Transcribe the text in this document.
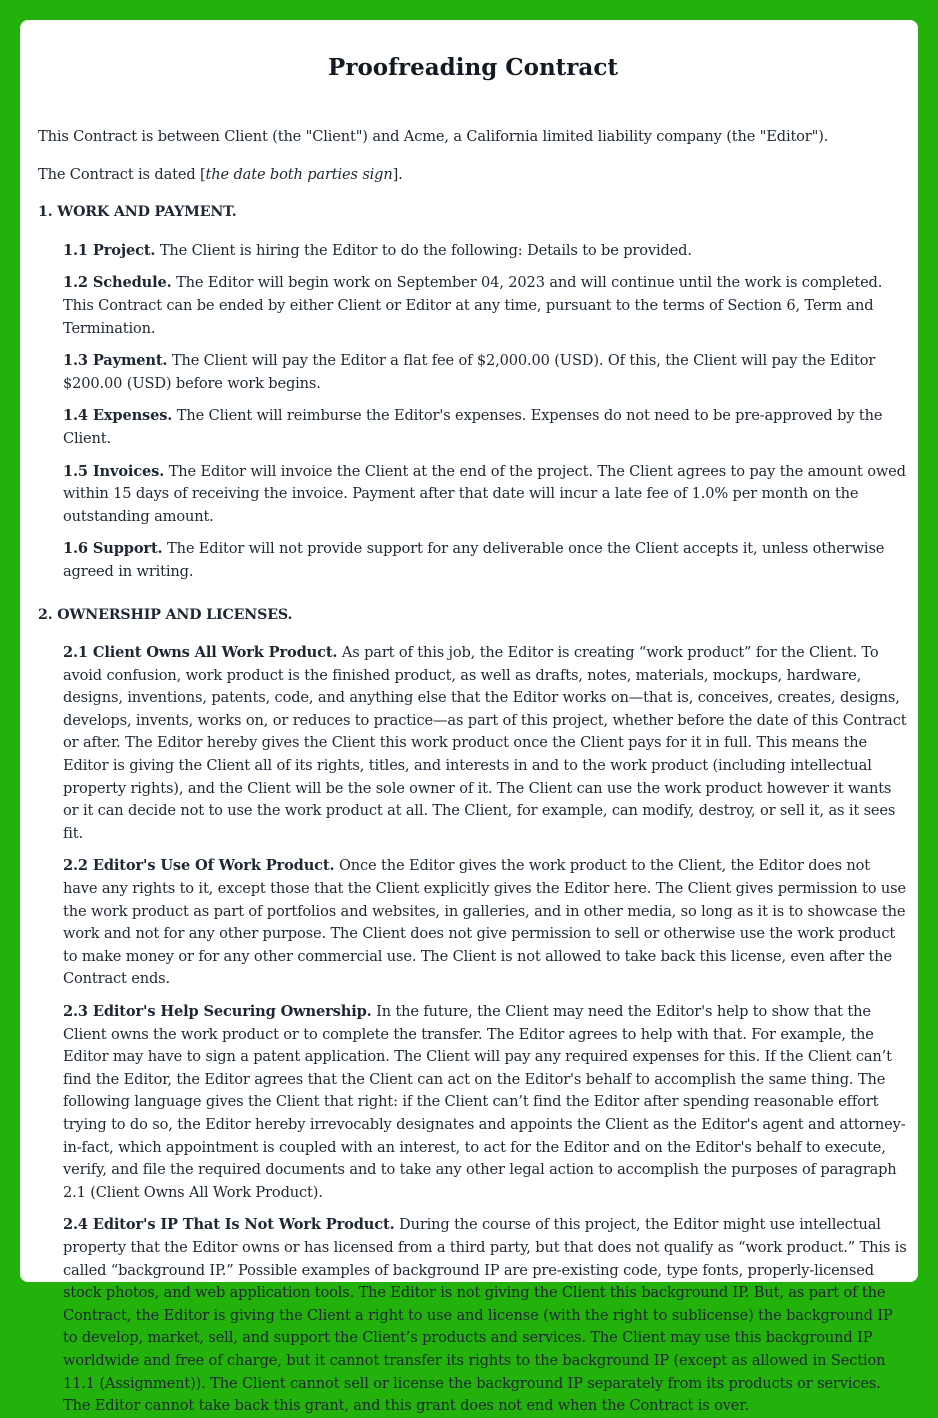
Proofreading Contract

This Contract is between Client (the "Client") and Acme, a California limited liability company (the "Editor").

The Contract is dated [the date both parties sign].

1. WORK AND PAYMENT.

1.1 Project. The Client is hiring the Editor to do the following: Details to be provided.

1.2 Schedule. The Editor will begin work on September 04, 2023 and will continue until the work is completed. This Contract can be ended by either Client or Editor at any time, pursuant to the terms of Section 6, Term and Termination.

1.3 Payment. The Client will pay the Editor a flat fee of $2,000.00 (USD). Of this, the Client will pay the Editor $200.00 (USD) before work begins.

1.4 Expenses. The Client will reimburse the Editor's expenses. Expenses do not need to be pre-approved by the Client.

1.5 Invoices. The Editor will invoice the Client at the end of the project. The Client agrees to pay the amount owed within 15 days of receiving the invoice. Payment after that date will incur a late fee of 1.0% per month on the outstanding amount.

1.6 Support. The Editor will not provide support for any deliverable once the Client accepts it, unless otherwise agreed in writing.

2. OWNERSHIP AND LICENSES.

2.1 Client Owns All Work Product. As part of this job, the Editor is creating “work product” for the Client. To avoid confusion, work product is the finished product, as well as drafts, notes, materials, mockups, hardware, designs, inventions, patents, code, and anything else that the Editor works on—that is, conceives, creates, designs, develops, invents, works on, or reduces to practice—as part of this project, whether before the date of this Contract or after. The Editor hereby gives the Client this work product once the Client pays for it in full. This means the Editor is giving the Client all of its rights, titles, and interests in and to the work product (including intellectual property rights), and the Client will be the sole owner of it. The Client can use the work product however it wants or it can decide not to use the work product at all. The Client, for example, can modify, destroy, or sell it, as it sees fit.

2.2 Editor's Use Of Work Product. Once the Editor gives the work product to the Client, the Editor does not have any rights to it, except those that the Client explicitly gives the Editor here. The Client gives permission to use the work product as part of portfolios and websites, in galleries, and in other media, so long as it is to showcase the work and not for any other purpose. The Client does not give permission to sell or otherwise use the work product to make money or for any other commercial use. The Client is not allowed to take back this license, even after the Contract ends.

2.3 Editor's Help Securing Ownership. In the future, the Client may need the Editor's help to show that the Client owns the work product or to complete the transfer. The Editor agrees to help with that. For example, the Editor may have to sign a patent application. The Client will pay any required expenses for this. If the Client can’t find the Editor, the Editor agrees that the Client can act on the Editor's behalf to accomplish the same thing. The following language gives the Client that right: if the Client can’t find the Editor after spending reasonable effort trying to do so, the Editor hereby irrevocably designates and appoints the Client as the Editor's agent and attorney-in-fact, which appointment is coupled with an interest, to act for the Editor and on the Editor's behalf to execute, verify, and file the required documents and to take any other legal action to accomplish the purposes of paragraph 2.1 (Client Owns All Work Product).

2.4 Editor's IP That Is Not Work Product. During the course of this project, the Editor might use intellectual property that the Editor owns or has licensed from a third party, but that does not qualify as “work product.” This is called “background IP.” Possible examples of background IP are pre-existing code, type fonts, properly-licensed stock photos, and web application tools. The Editor is not giving the Client this background IP. But, as part of the Contract, the Editor is giving the Client a right to use and license (with the right to sublicense) the background IP to develop, market, sell, and support the Client’s products and services. The Client may use this background IP worldwide and free of charge, but it cannot transfer its rights to the background IP (except as allowed in Section 11.1 (Assignment)). The Client cannot sell or license the background IP separately from its products or services. The Editor cannot take back this grant, and this grant does not end when the Contract is over.
